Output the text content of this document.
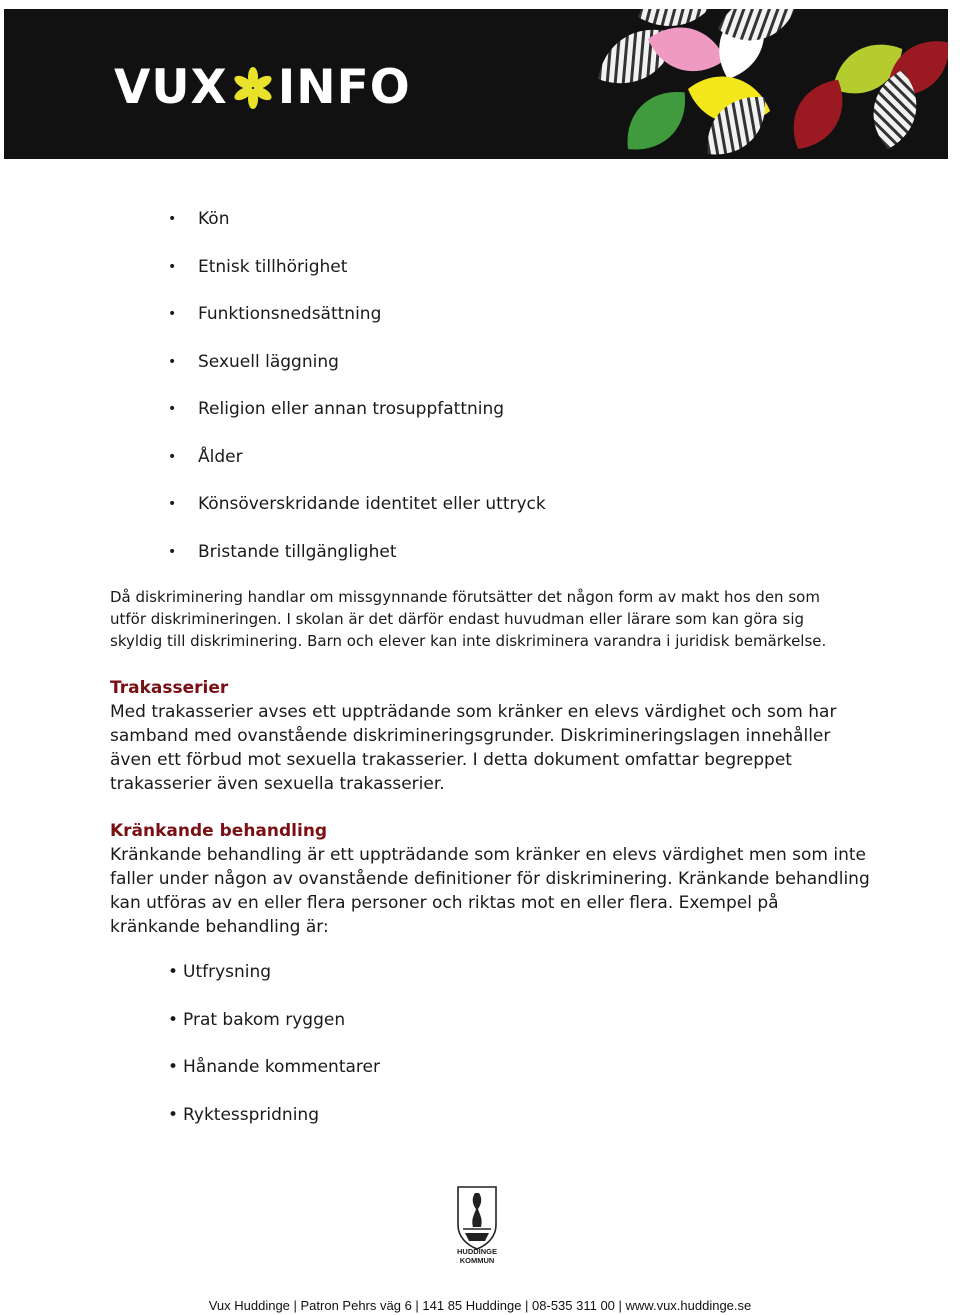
VUX INFO
• Kön
• Etnisk tillhörighet
• Funktionsnedsättning
• Sexuell läggning
• Religion eller annan trosuppfattning
• Ålder
• Könsöverskridande identitet eller uttryck
• Bristande tillgänglighet

Då diskriminering handlar om missgynnande förutsätter det någon form av makt hos den som utför diskrimineringen. I skolan är det därför endast huvudman eller lärare som kan göra sig skyldig till diskriminering. Barn och elever kan inte diskriminera varandra i juridisk bemärkelse.

Trakasserier

Med trakasserier avses ett uppträdande som kränker en elevs värdighet och som har samband med ovanstående diskrimineringsgrunder. Diskrimineringslagen innehåller även ett förbud mot sexuella trakasserier. I detta dokument omfattar begreppet trakasserier även sexuella trakasserier.

Kränkande behandling

Kränkande behandling är ett uppträdande som kränker en elevs värdighet men som inte faller under någon av ovanstående definitioner för diskriminering. Kränkande behandling kan utföras av en eller flera personer och riktas mot en eller flera. Exempel på kränkande behandling är:

• Utfrysning
• Prat bakom ryggen
• Hånande kommentarer
• Ryktesspridning
HUDDINGE
KOMMUN
Vux Huddinge | Patron Pehrs väg 6 | 141 85 Huddinge | 08-535 311 00 | www.vux.huddinge.se
